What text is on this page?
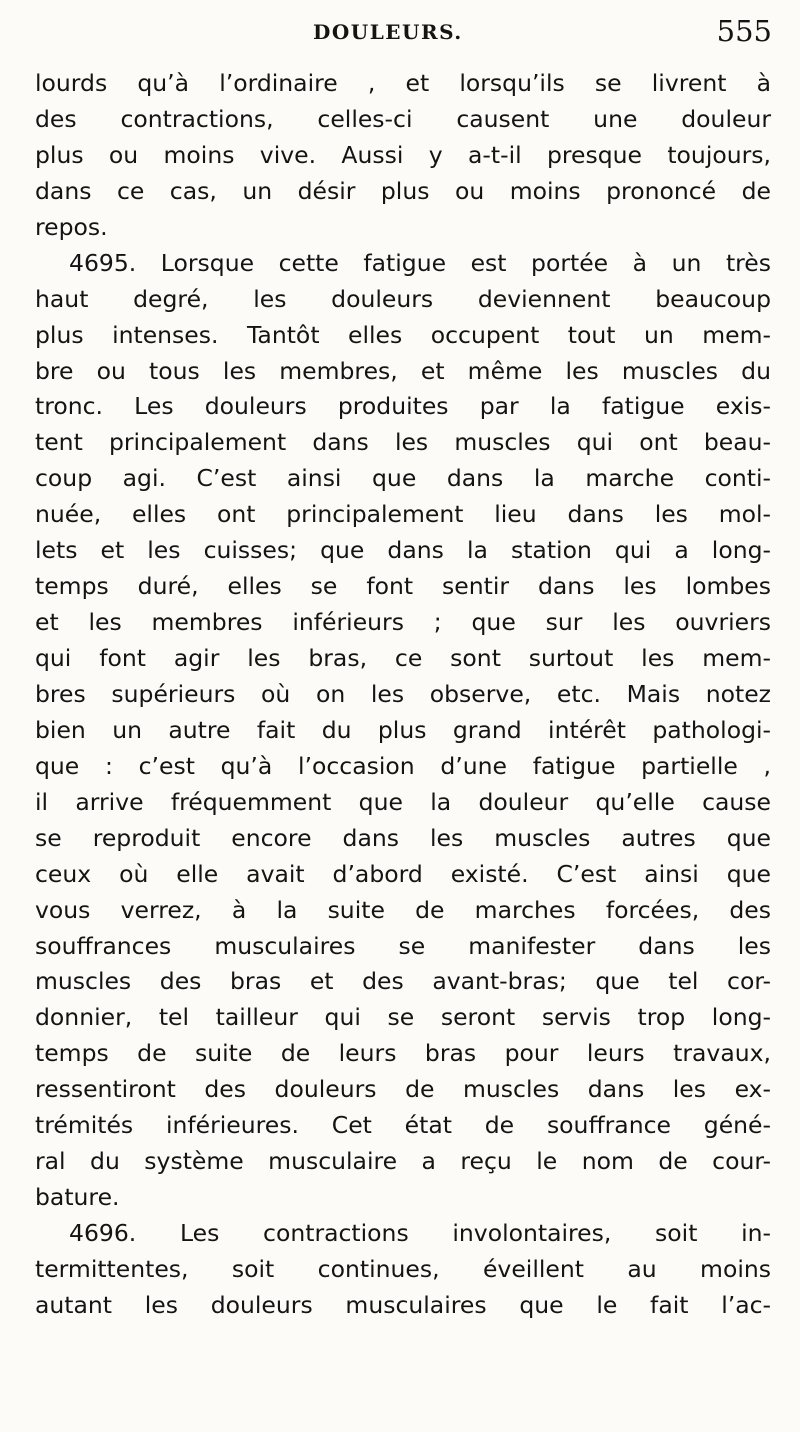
DOULEURS.	555
lourds qu’à l’ordinaire , et lorsqu’ils se livrent à
des contractions, celles-ci causent une douleur
plus ou moins vive. Aussi y a-t-il presque toujours,
dans ce cas, un désir plus ou moins prononcé de
repos.
4695. Lorsque cette fatigue est portée à un très
haut degré, les douleurs deviennent beaucoup
plus intenses. Tantôt elles occupent tout un mem-
bre ou tous les membres, et même les muscles du
tronc. Les douleurs produites par la fatigue exis-
tent principalement dans les muscles qui ont beau-
coup agi. C’est ainsi que dans la marche conti-
nuée, elles ont principalement lieu dans les mol-
lets et les cuisses; que dans la station qui a long-
temps duré, elles se font sentir dans les lombes
et les membres inférieurs ; que sur les ouvriers
qui font agir les bras, ce sont surtout les mem-
bres supérieurs où on les observe, etc. Mais notez
bien un autre fait du plus grand intérêt pathologi-
que : c’est qu’à l’occasion d’une fatigue partielle ,
il arrive fréquemment que la douleur qu’elle cause
se reproduit encore dans les muscles autres que
ceux où elle avait d’abord existé. C’est ainsi que
vous verrez, à la suite de marches forcées, des
souffrances musculaires se manifester dans les
muscles des bras et des avant-bras; que tel cor-
donnier, tel tailleur qui se seront servis trop long-
temps de suite de leurs bras pour leurs travaux,
ressentiront des douleurs de muscles dans les ex-
trémités inférieures. Cet état de souffrance géné-
ral du système musculaire a reçu le nom de cour-
bature.
4696. Les contractions involontaires, soit in-
termittentes, soit continues, éveillent au moins
autant les douleurs musculaires que le fait l’ac-
